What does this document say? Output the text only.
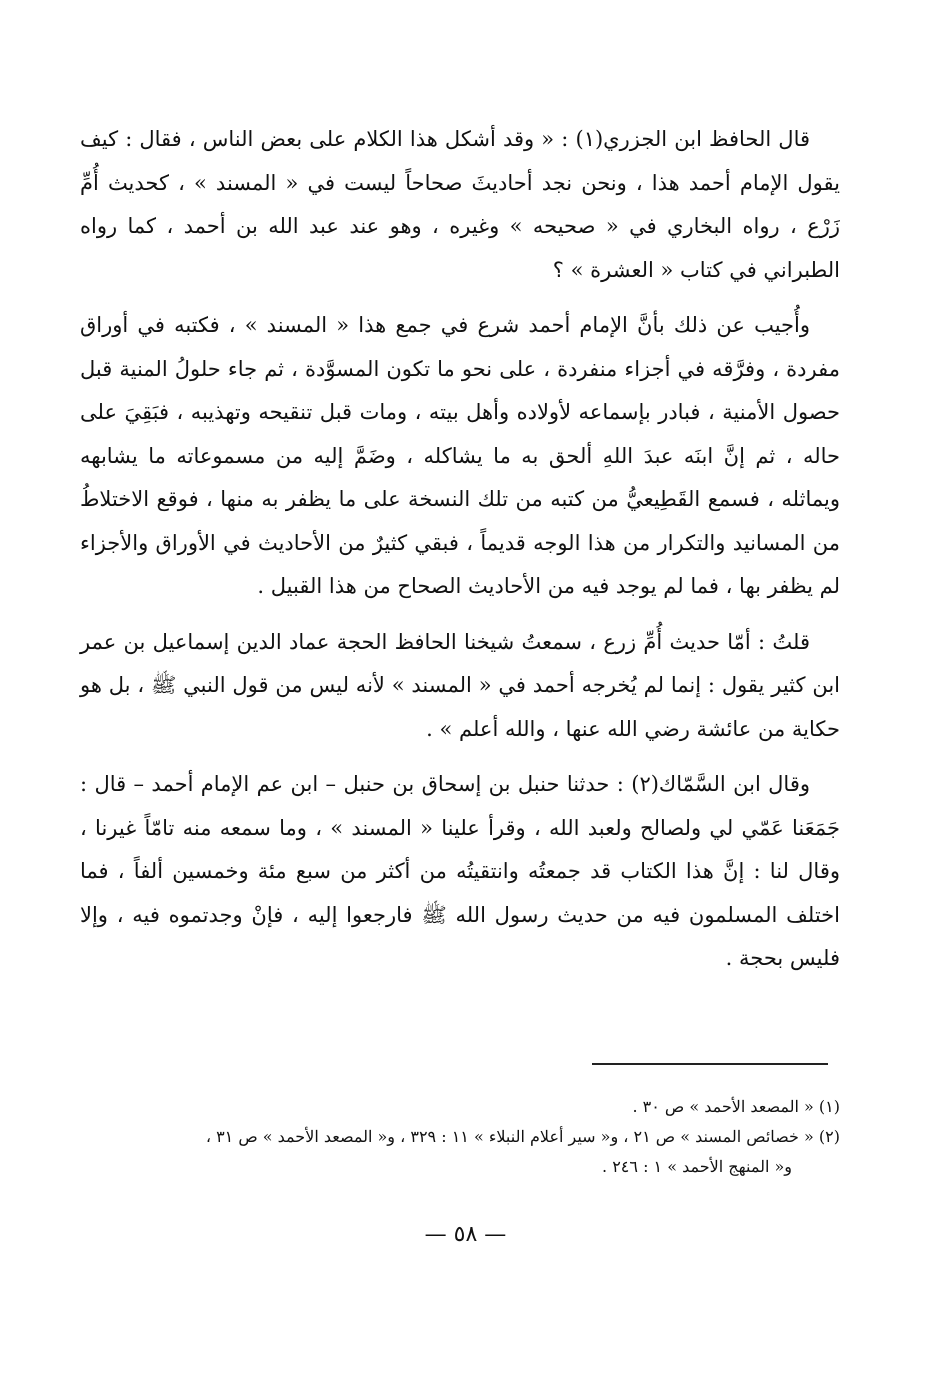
قال الحافظ ابن الجزري(١) : « وقد أشكل هذا الكلام على بعض الناس ، فقال : كيف يقول الإمام أحمد هذا ، ونحن نجد أحاديثَ صحاحاً ليست في « المسند » ، كحديث أُمِّ زَرْع ، رواه البخاري في « صحيحه » وغيره ، وهو عند عبد الله بن أحمد ، كما رواه الطبراني في كتاب « العشرة » ؟

وأُجيب عن ذلك بأنَّ الإمام أحمد شرع في جمع هذا « المسند » ، فكتبه في أوراق مفردة ، وفرَّقه في أجزاء منفردة ، على نحو ما تكون المسوَّدة ، ثم جاء حلولُ المنية قبل حصول الأمنية ، فبادر بإسماعه لأولاده وأهل بيته ، ومات قبل تنقيحه وتهذيبه ، فبَقِيَ على حاله ، ثم إنَّ ابنَه عبدَ اللهِ ألحق به ما يشاكله ، وضَمَّ إليه من مسموعاته ما يشابهه ويماثله ، فسمع القَطِيعيُّ من كتبه من تلك النسخة على ما يظفر به منها ، فوقع الاختلاطُ من المسانيد والتكرار من هذا الوجه قديماً ، فبقي كثيرٌ من الأحاديث في الأوراق والأجزاء لم يظفر بها ، فما لم يوجد فيه من الأحاديث الصحاح من هذا القبيل .

قلتُ : أمّا حديث أُمِّ زرع ، سمعتُ شيخنا الحافظ الحجة عماد الدين إسماعيل بن عمر ابن كثير يقول : إنما لم يُخرجه أحمد في « المسند » لأنه ليس من قول النبي ﷺ ، بل هو حكاية من عائشة رضي الله عنها ، والله أعلم » .

وقال ابن السَّمّاك(٢) : حدثنا حنبل بن إسحاق بن حنبل – ابن عم الإمام أحمد – قال : جَمَعَنا عَمّي لي ولصالح ولعبد الله ، وقرأ علينا « المسند » ، وما سمعه منه تامّاً غيرنا ، وقال لنا : إنَّ هذا الكتاب قد جمعتُه وانتقيتُه من أكثر من سبع مئة وخمسين ألفاً ، فما اختلف المسلمون فيه من حديث رسول الله ﷺ فارجعوا إليه ، فإنْ وجدتموه فيه ، وإلا فليس بحجة .

(١) « المصعد الأحمد » ص ٣٠ .

(٢) « خصائص المسند » ص ٢١ ، و« سير أعلام النبلاء » ١١ : ٣٢٩ ، و« المصعد الأحمد » ص ٣١ ،

و« المنهج الأحمد » ١ : ٢٤٦ .

— ٥٨ —
